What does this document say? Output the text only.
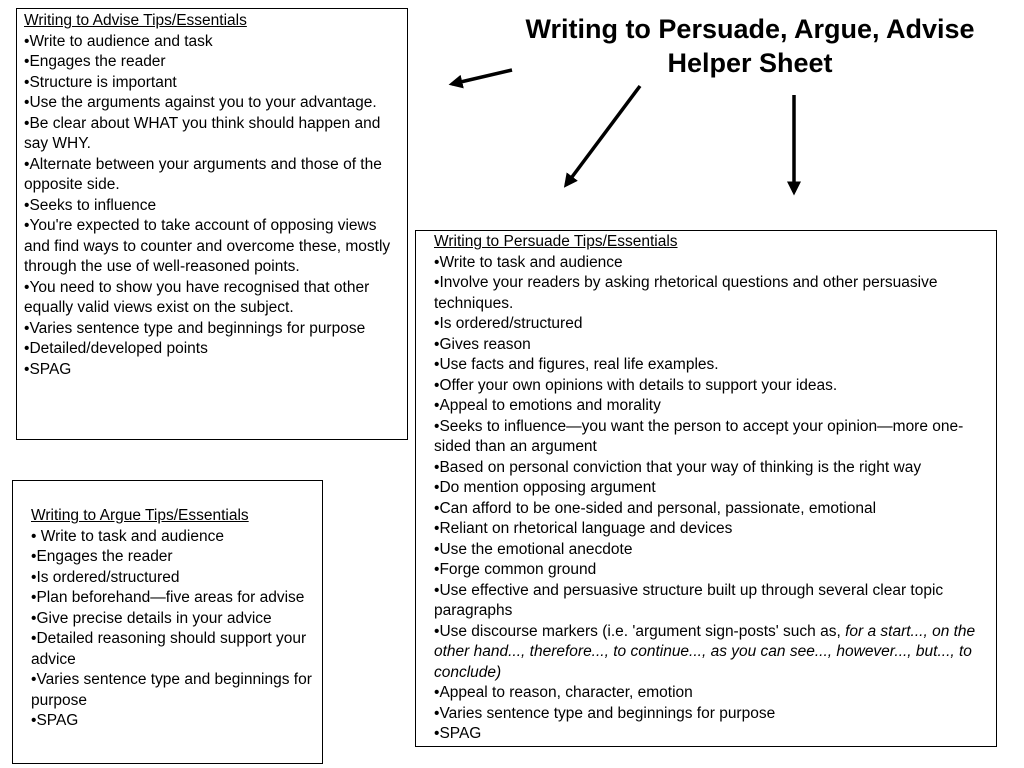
Writing to Persuade, Argue, Advise
Helper Sheet
Writing to Advise Tips/Essentials
• Write to audience and task
• Engages the reader
• Structure is important
• Use the arguments against you to your advantage.
• Be clear about WHAT you think should happen and say WHY.
• Alternate between your arguments and those of the opposite side.
• Seeks to influence
• You're expected to take account of opposing views and find ways to counter and overcome these, mostly through the use of well-reasoned points.
• You need to show you have recognised that other equally valid views exist on the subject.
• Varies sentence type and beginnings for purpose
• Detailed/developed points
• SPAG
Writing to Argue Tips/Essentials
• Write to task and audience
• Engages the reader
• Is ordered/structured
• Plan beforehand—five areas for advise
• Give precise details in your advice
• Detailed reasoning should support your advice
• Varies sentence type and beginnings for purpose
• SPAG
Writing to Persuade Tips/Essentials
• Write to task and audience
• Involve your readers by asking rhetorical questions and other persuasive techniques.
• Is ordered/structured
• Gives reason
• Use facts and figures, real life examples.
• Offer your own opinions with details to support your ideas.
• Appeal to emotions and morality
• Seeks to influence—you want the person to accept your opinion—more one-sided than an argument
• Based on personal conviction that your way of thinking is the right way
• Do mention opposing argument
• Can afford to be one-sided and personal, passionate, emotional
• Reliant on rhetorical language and devices
• Use the emotional anecdote
• Forge common ground
• Use effective and persuasive structure built up through several clear topic paragraphs
• Use discourse markers (i.e. 'argument sign-posts' such as, for a start..., on the other hand..., therefore..., to continue..., as you can see..., however..., but..., to conclude)
• Appeal to reason, character, emotion
• Varies sentence type and beginnings for purpose
• SPAG
